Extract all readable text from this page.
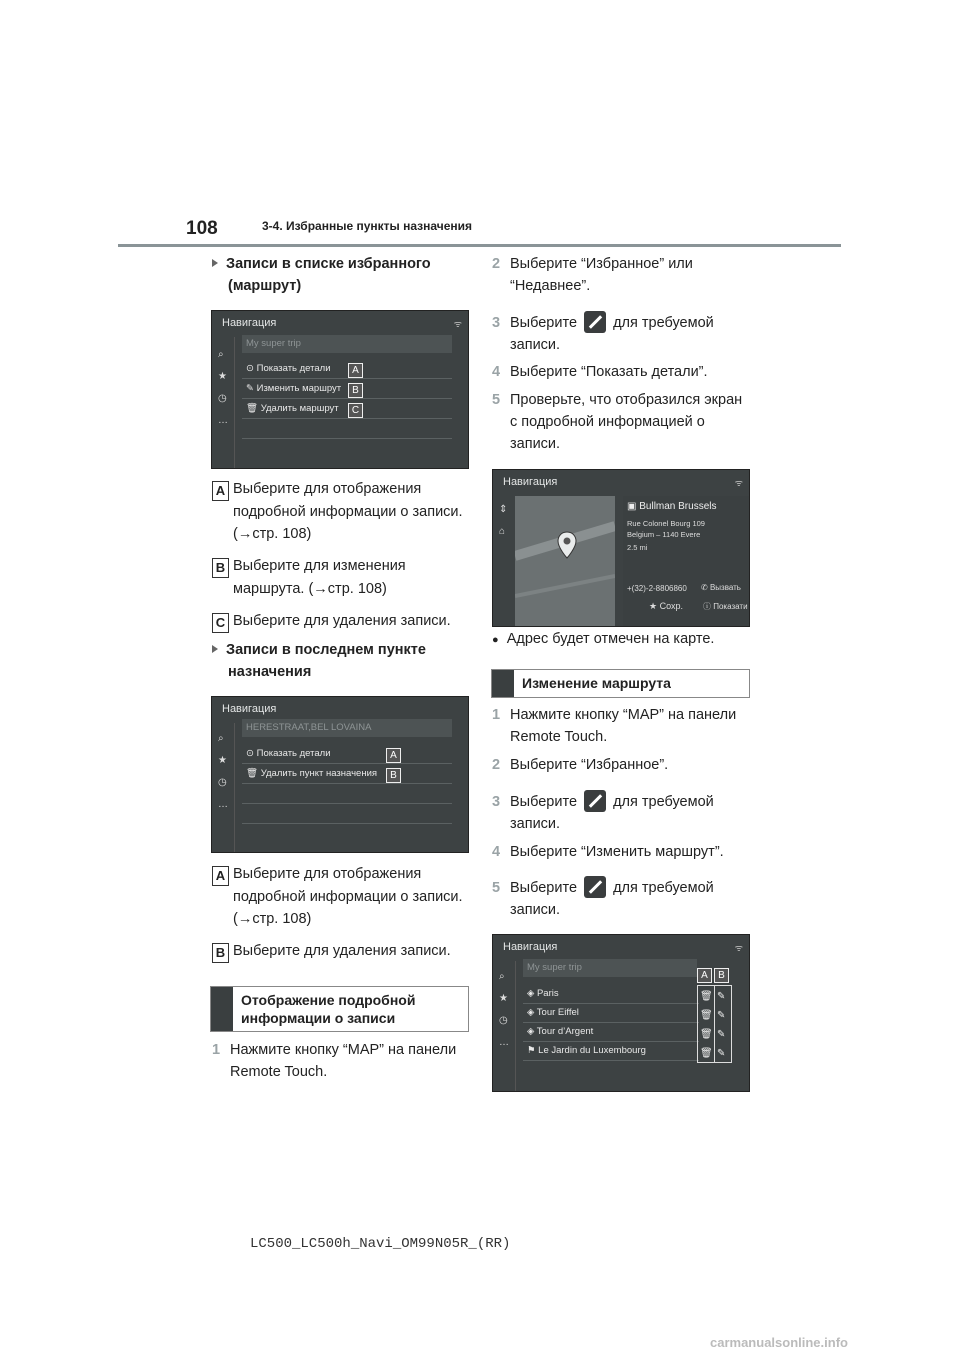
108	3-4. Избранные пункты назначения
Записи в списке избранного
(маршрут)
Навигация	ᯤ
⌕
★
◷
…
My super trip
⊙ Показать детали
✎ Изменить маршрут
🗑 Удалить маршрут
A
B
C
A Выберите для отображения
подробной информации о записи.
(→стр. 108)
B Выберите для изменения
маршрута. (→стр. 108)
C Выберите для удаления записи.
Записи в последнем пункте
назначения
Навигация
⌕
★
◷
…
HERESTRAAT,BEL LOVAINA
⊙ Показать детали
🗑 Удалить пункт назначения
A
B
A Выберите для отображения
подробной информации о записи.
(→стр. 108)
B Выберите для удаления записи.
Отображение подробной
информации о записи
1 Нажмите кнопку “MAP” на панели
Remote Touch.
2 Выберите “Избранное” или
“Недавнее”.
3 Выберите для требуемой
записи.
4 Выберите “Показать детали”.
5 Проверьте, что отобразился экран
с подробной информацией о
записи.
Навигация	ᯤ
⇕
⌂
▣ Bullman Brussels
Rue Colonel Bourg 109
Belgium – 1140 Evere
2.5 mi
+(32)-2-8806860 ✆ Вызвать
★ Сохр.	ⓘ Показати
● Адрес будет отмечен на карте.
Изменение маршрута
1 Нажмите кнопку “MAP” на панели
Remote Touch.
2 Выберите “Избранное”.
3 Выберите для требуемой
записи.
4 Выберите “Изменить маршрут”.
5 Выберите для требуемой
записи.
Навигация	ᯤ
⌕
★
◷
…
My super trip
A	B
◈ Paris
◈ Tour Eiffel
◈ Tour d’Argent
⚑ Le Jardin du Luxembourg
🗑
🗑
🗑
🗑
✎
✎
✎
✎
LC500_LC500h_Navi_OM99N05R_(RR)
carmanualsonline.info
